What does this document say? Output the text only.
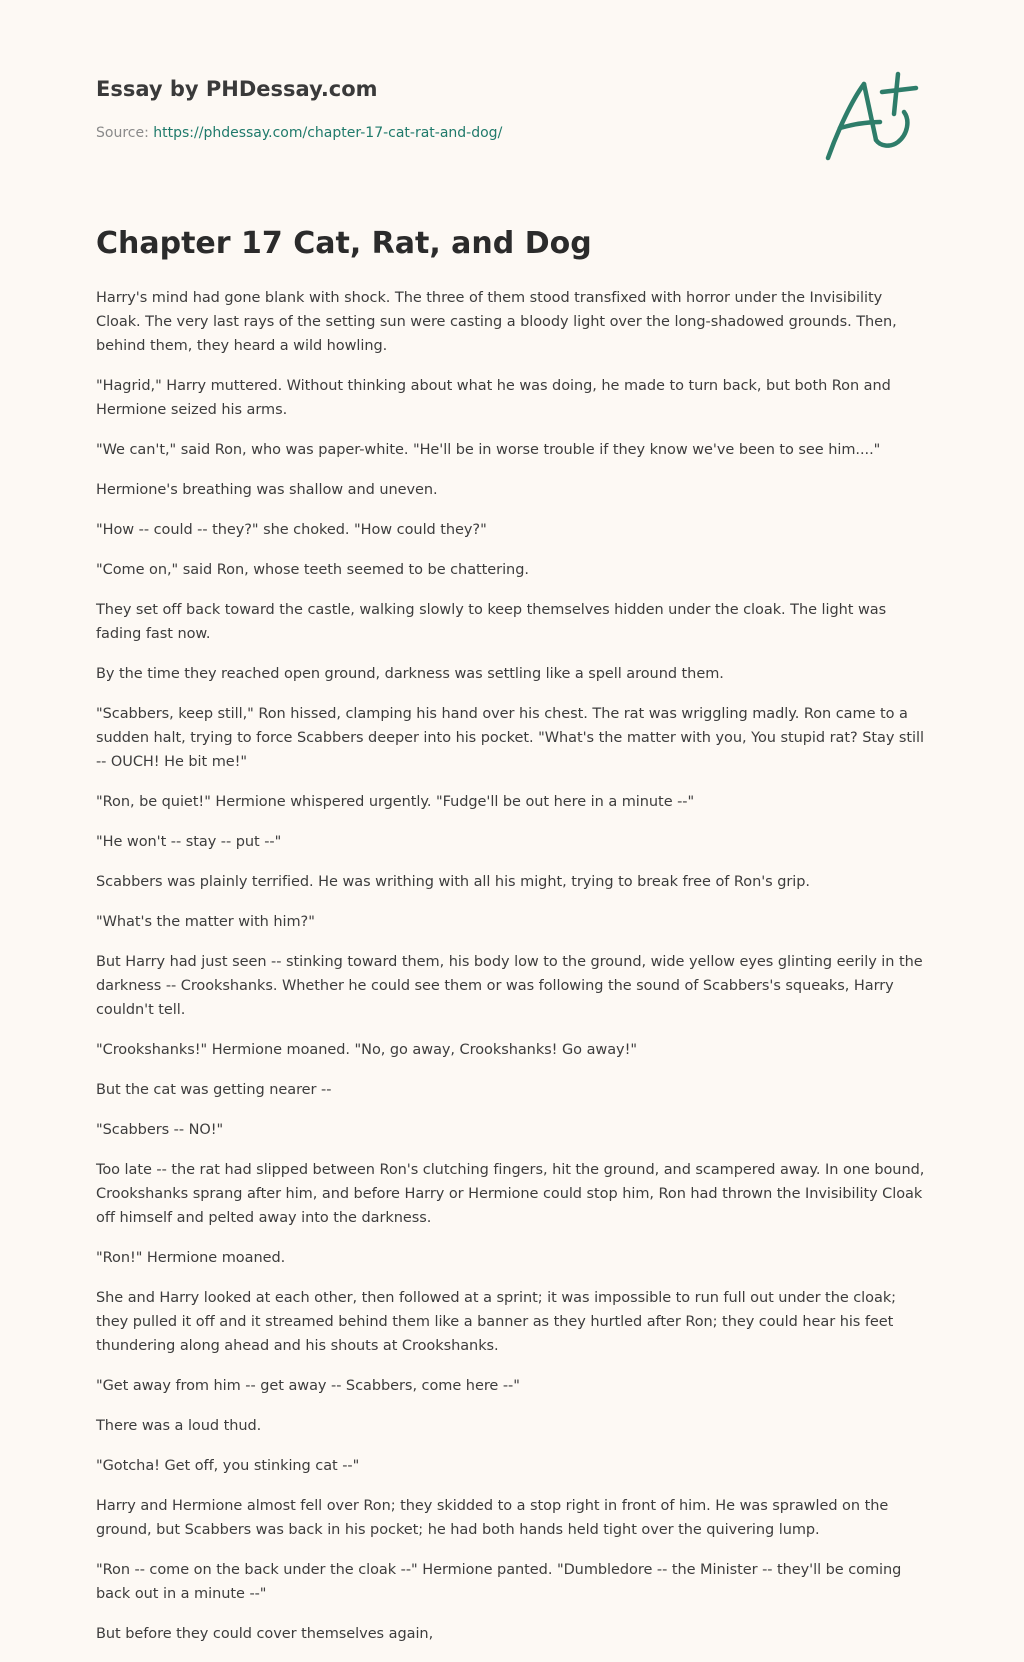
Essay by PHDessay.com
Source: https://phdessay.com/chapter-17-cat-rat-and-dog/
Chapter 17 Cat, Rat, and Dog

Harry's mind had gone blank with shock. The three of them stood transfixed with horror under the Invisibility Cloak. The very last rays of the setting sun were casting a bloody light over the long-shadowed grounds. Then, behind them, they heard a wild howling.

"Hagrid," Harry muttered. Without thinking about what he was doing, he made to turn back, but both Ron and Hermione seized his arms.

"We can't," said Ron, who was paper-white. "He'll be in worse trouble if they know we've been to see him...."

Hermione's breathing was shallow and uneven.

"How -- could -- they?" she choked. "How could they?"

"Come on," said Ron, whose teeth seemed to be chattering.

They set off back toward the castle, walking slowly to keep themselves hidden under the cloak. The light was fading fast now.

By the time they reached open ground, darkness was settling like a spell around them.

"Scabbers, keep still," Ron hissed, clamping his hand over his chest. The rat was wriggling madly. Ron came to a sudden halt, trying to force Scabbers deeper into his pocket. "What's the matter with you, You stupid rat? Stay still -- OUCH! He bit me!"

"Ron, be quiet!" Hermione whispered urgently. "Fudge'll be out here in a minute --"

"He won't -- stay -- put --"

Scabbers was plainly terrified. He was writhing with all his might, trying to break free of Ron's grip.

"What's the matter with him?"

But Harry had just seen -- stinking toward them, his body low to the ground, wide yellow eyes glinting eerily in the darkness -- Crookshanks. Whether he could see them or was following the sound of Scabbers's squeaks, Harry couldn't tell.

"Crookshanks!" Hermione moaned. "No, go away, Crookshanks! Go away!"

But the cat was getting nearer --

"Scabbers -- NO!"

Too late -- the rat had slipped between Ron's clutching fingers, hit the ground, and scampered away. In one bound, Crookshanks sprang after him, and before Harry or Hermione could stop him, Ron had thrown the Invisibility Cloak off himself and pelted away into the darkness.

"Ron!" Hermione moaned.

She and Harry looked at each other, then followed at a sprint; it was impossible to run full out under the cloak; they pulled it off and it streamed behind them like a banner as they hurtled after Ron; they could hear his feet thundering along ahead and his shouts at Crookshanks.

"Get away from him -- get away -- Scabbers, come here --"

There was a loud thud.

"Gotcha! Get off, you stinking cat --"

Harry and Hermione almost fell over Ron; they skidded to a stop right in front of him. He was sprawled on the ground, but Scabbers was back in his pocket; he had both hands held tight over the quivering lump.

"Ron -- come on the back under the cloak --" Hermione panted. "Dumbledore -- the Minister -- they'll be coming back out in a minute --"

But before they could cover themselves again,
